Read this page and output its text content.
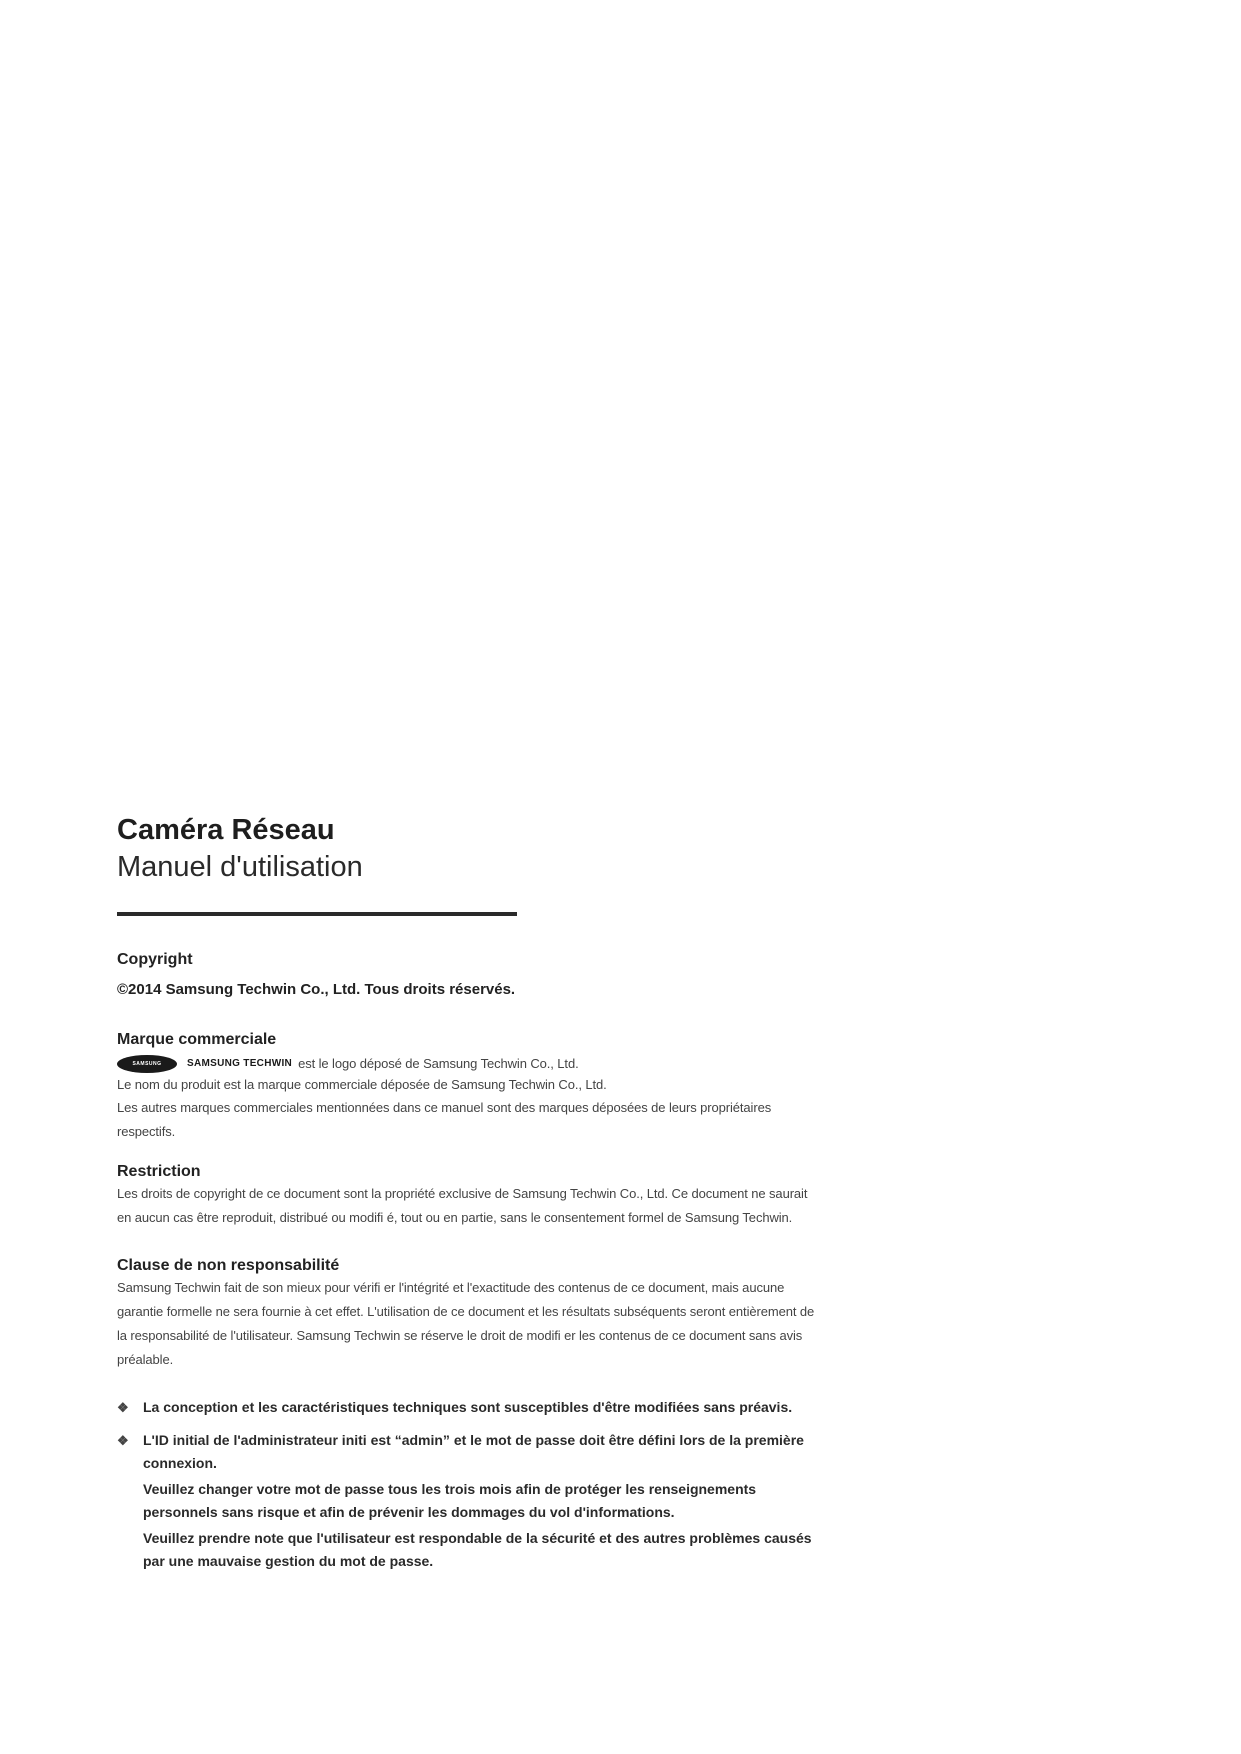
Caméra Réseau
Manuel d'utilisation
Copyright
©2014 Samsung Techwin Co., Ltd. Tous droits réservés.
Marque commerciale
SAMSUNG	SAMSUNG TECHWIN est le logo déposé de Samsung Techwin Co., Ltd.
Le nom du produit est la marque commerciale déposée de Samsung Techwin Co., Ltd.
Les autres marques commerciales mentionnées dans ce manuel sont des marques déposées de leurs propriétaires respectifs.
Restriction
Les droits de copyright de ce document sont la propriété exclusive de Samsung Techwin Co., Ltd. Ce document ne saurait en aucun cas être reproduit, distribué ou modifi é, tout ou en partie, sans le consentement formel de Samsung Techwin.
Clause de non responsabilité
Samsung Techwin fait de son mieux pour vérifi er l'intégrité et l'exactitude des contenus de ce document, mais aucune garantie formelle ne sera fournie à cet effet. L'utilisation de ce document et les résultats subséquents seront entièrement de la responsabilité de l'utilisateur. Samsung Techwin se réserve le droit de modifi er les contenus de ce document sans avis préalable.
❖	La conception et les caractéristiques techniques sont susceptibles d'être modifiées sans préavis.

❖	L'ID initial de l'administrateur initi est “admin” et le mot de passe doit être défini lors de la première connexion.

Veuillez changer votre mot de passe tous les trois mois afin de protéger les renseignements personnels sans risque et afin de prévenir les dommages du vol d'informations.

Veuillez prendre note que l'utilisateur est respondable de la sécurité et des autres problèmes causés par une mauvaise gestion du mot de passe.
